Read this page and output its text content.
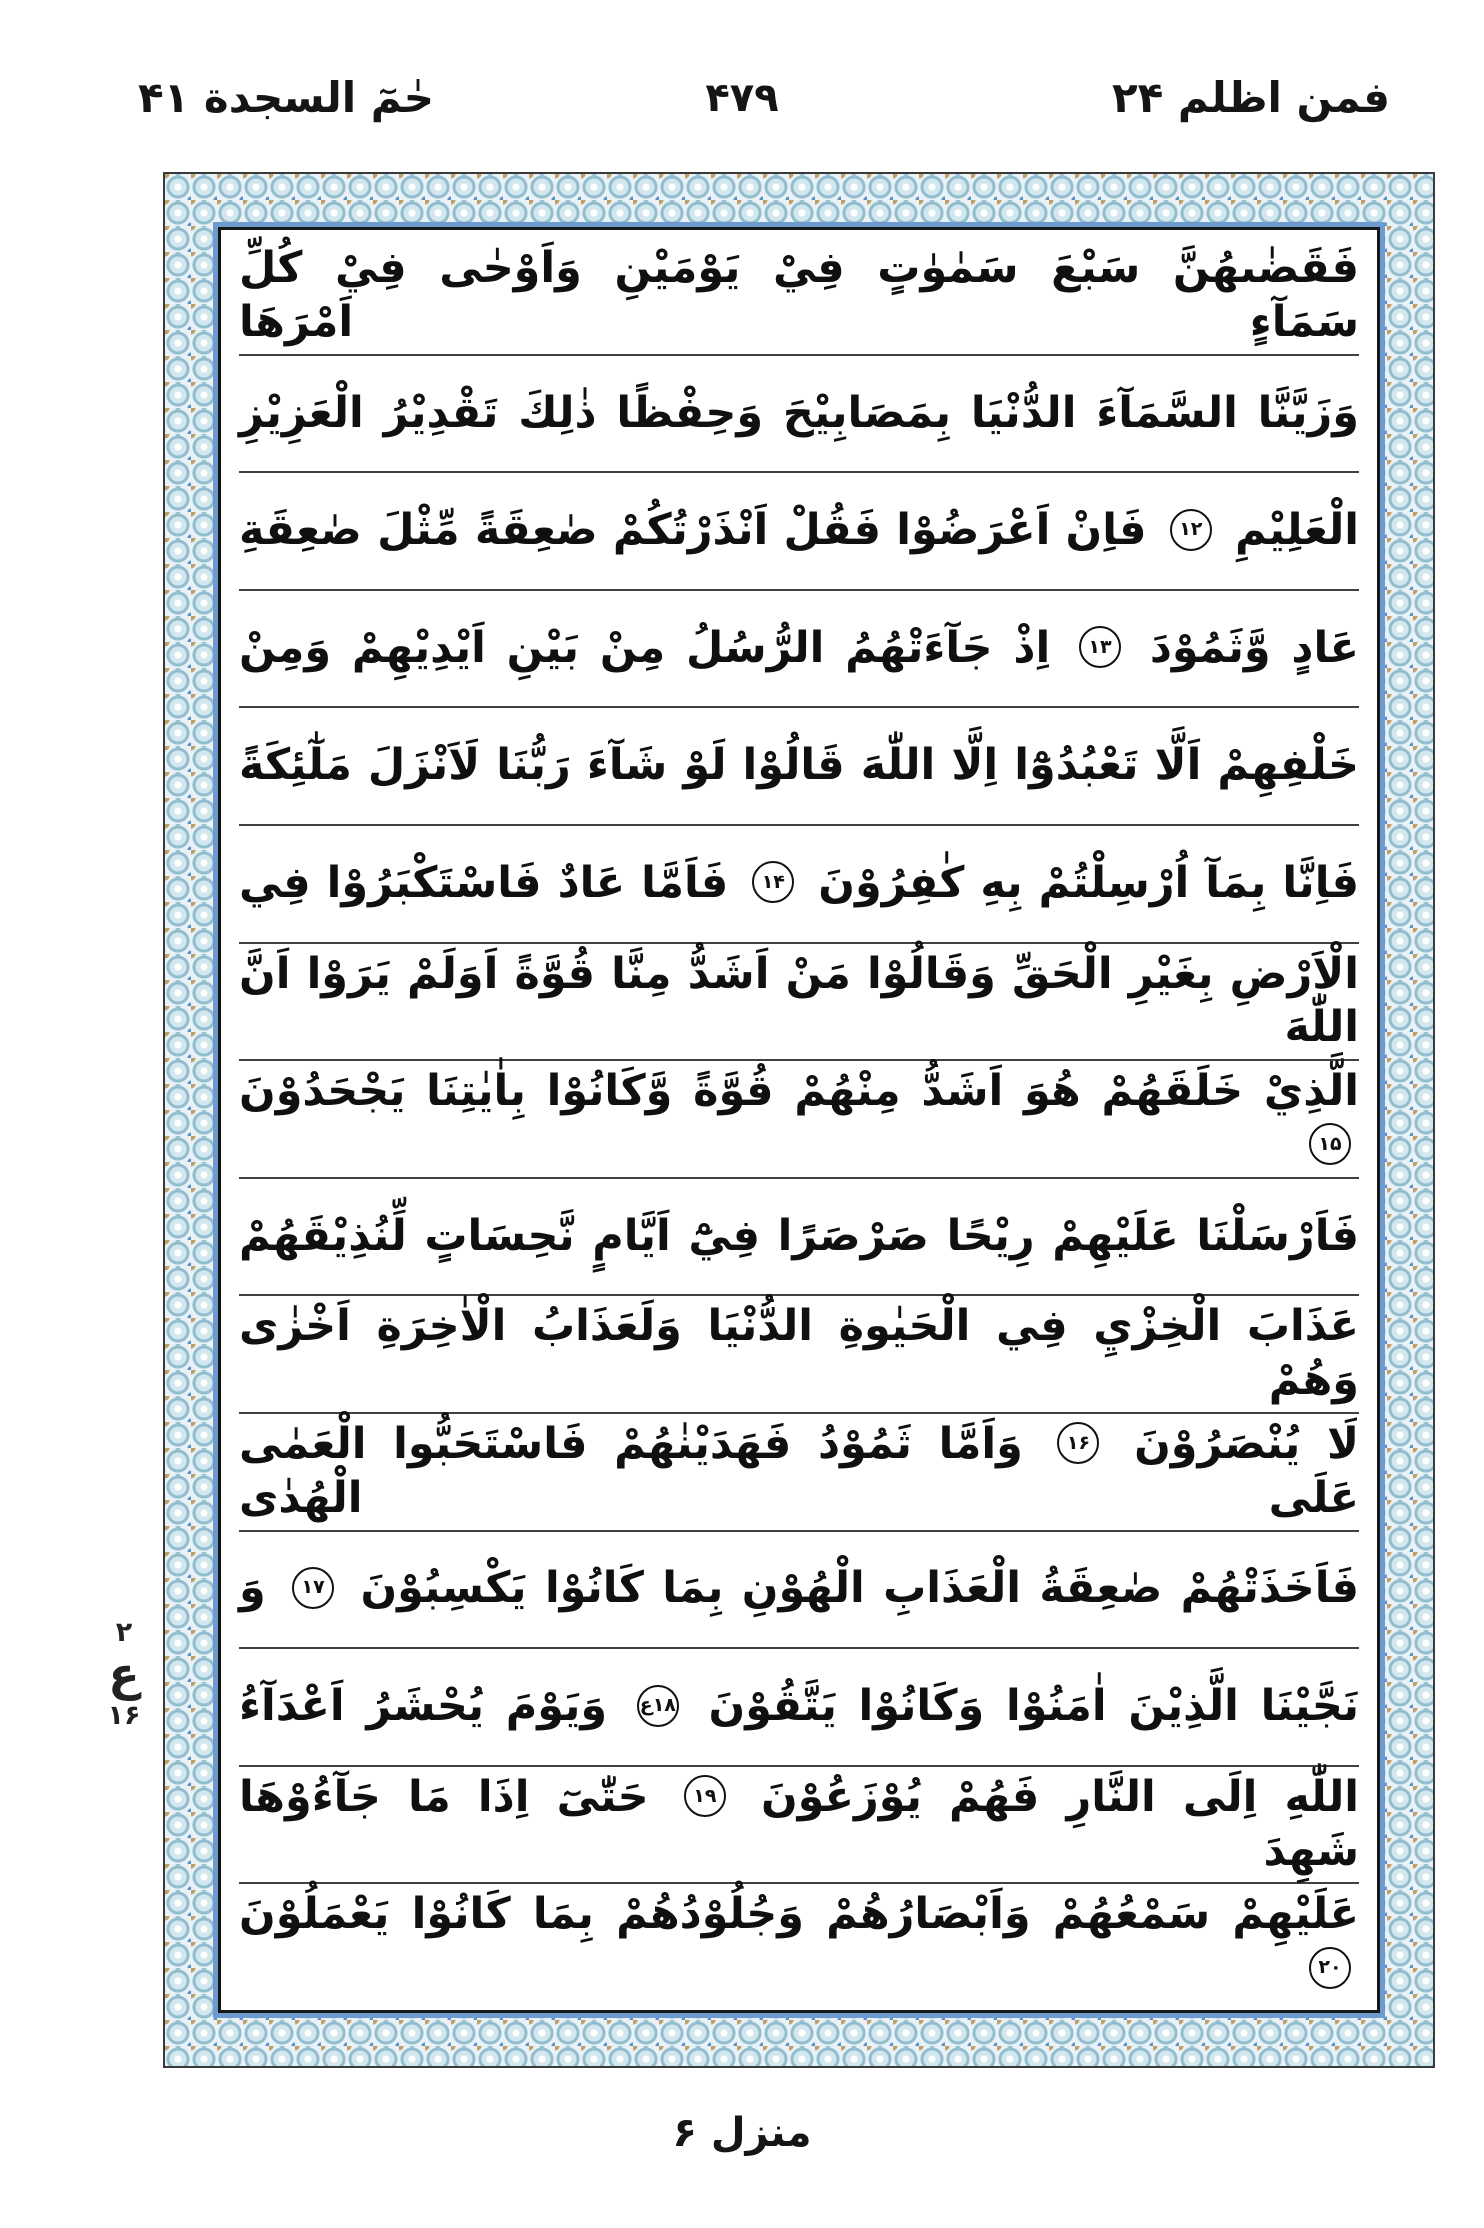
حٰمٓ السجدة ۴۱	۴۷۹	فمن اظلم ۲۴
فَقَضٰىهُنَّ سَبْعَ سَمٰوٰتٍ فِيْ يَوْمَيْنِ وَاَوْحٰى فِيْ كُلِّ سَمَآءٍ اَمْرَهَا
وَزَيَّنَّا السَّمَآءَ الدُّنْيَا بِمَصَابِيْحَ وَحِفْظًا ذٰلِكَ تَقْدِيْرُ الْعَزِيْزِ
الْعَلِيْمِ ۱۲ فَاِنْ اَعْرَضُوْا فَقُلْ اَنْذَرْتُكُمْ صٰعِقَةً مِّثْلَ صٰعِقَةِ
عَادٍ وَّثَمُوْدَ ۱۳ اِذْ جَآءَتْهُمُ الرُّسُلُ مِنْ بَيْنِ اَيْدِيْهِمْ وَمِنْ
خَلْفِهِمْ اَلَّا تَعْبُدُوْٓا اِلَّا اللّٰهَ قَالُوْا لَوْ شَآءَ رَبُّنَا لَاَنْزَلَ مَلٰٓئِكَةً
فَاِنَّا بِمَآ اُرْسِلْتُمْ بِهِ كٰفِرُوْنَ ۱۴ فَاَمَّا عَادٌ فَاسْتَكْبَرُوْا فِي
الْاَرْضِ بِغَيْرِ الْحَقِّ وَقَالُوْا مَنْ اَشَدُّ مِنَّا قُوَّةً اَوَلَمْ يَرَوْا اَنَّ اللّٰهَ
الَّذِيْ خَلَقَهُمْ هُوَ اَشَدُّ مِنْهُمْ قُوَّةً وَّكَانُوْا بِاٰيٰتِنَا يَجْحَدُوْنَ ۱۵
فَاَرْسَلْنَا عَلَيْهِمْ رِيْحًا صَرْصَرًا فِيْٓ اَيَّامٍ نَّحِسَاتٍ لِّنُذِيْقَهُمْ
عَذَابَ الْخِزْيِ فِي الْحَيٰوةِ الدُّنْيَا وَلَعَذَابُ الْاٰخِرَةِ اَخْزٰى وَهُمْ
لَا يُنْصَرُوْنَ ۱۶ وَاَمَّا ثَمُوْدُ فَهَدَيْنٰهُمْ فَاسْتَحَبُّوا الْعَمٰى عَلَى الْهُدٰى
فَاَخَذَتْهُمْ صٰعِقَةُ الْعَذَابِ الْهُوْنِ بِمَا كَانُوْا يَكْسِبُوْنَ ۱۷ وَ
نَجَّيْنَا الَّذِيْنَ اٰمَنُوْا وَكَانُوْا يَتَّقُوْنَ ۱۸ع وَيَوْمَ يُحْشَرُ اَعْدَآءُ
اللّٰهِ اِلَى النَّارِ فَهُمْ يُوْزَعُوْنَ ۱۹ حَتّٰىٓ اِذَا مَا جَآءُوْهَا شَهِدَ
عَلَيْهِمْ سَمْعُهُمْ وَاَبْصَارُهُمْ وَجُلُوْدُهُمْ بِمَا كَانُوْا يَعْمَلُوْنَ ۲۰
۲
ع
۱۶
منزل ۶
